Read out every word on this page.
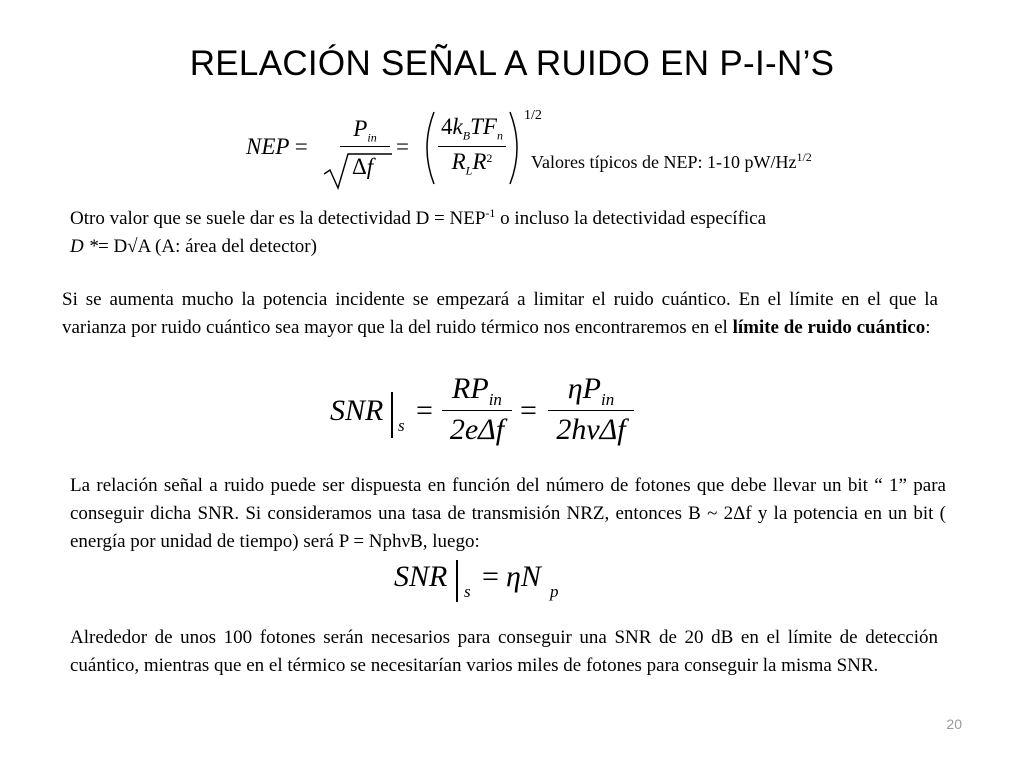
RELACIÓN SEÑAL A RUIDO EN P-I-N’S
NEP =
$P_{in}$
Δf
=
$4k_BTF_n$
$R_LR^2$
1/2
Valores típicos de NEP: 1-10 $pW/Hz^{1/2}$
Otro valor que se suele dar es la detectividad $D = NEP^{-1}$ o incluso la detectividad específica
D *= D√A (A: área del detector)
Si se aumenta mucho la potencia incidente se empezará a limitar el ruido cuántico. En el límite en el que la varianza por ruido cuántico sea mayor que la del ruido térmico nos encontraremos en el límite de ruido cuántico:
SNR s =
$RP_{in}$
2eΔf
=
$\eta P_{in}$
2hνΔf
La relación señal a ruido puede ser dispuesta en función del número de fotones que debe llevar un bit “ 1” para conseguir dicha SNR. Si consideramos una tasa de transmisión NRZ, entonces B ~ 2Δf y la potencia en un bit ( energía por unidad de tiempo) será P = NphνB, luego:
SNR s = ηN p
Alrededor de unos 100 fotones serán necesarios para conseguir una SNR de 20 dB en el límite de detección cuántico, mientras que en el térmico se necesitarían varios miles de fotones para conseguir la misma SNR.
20
